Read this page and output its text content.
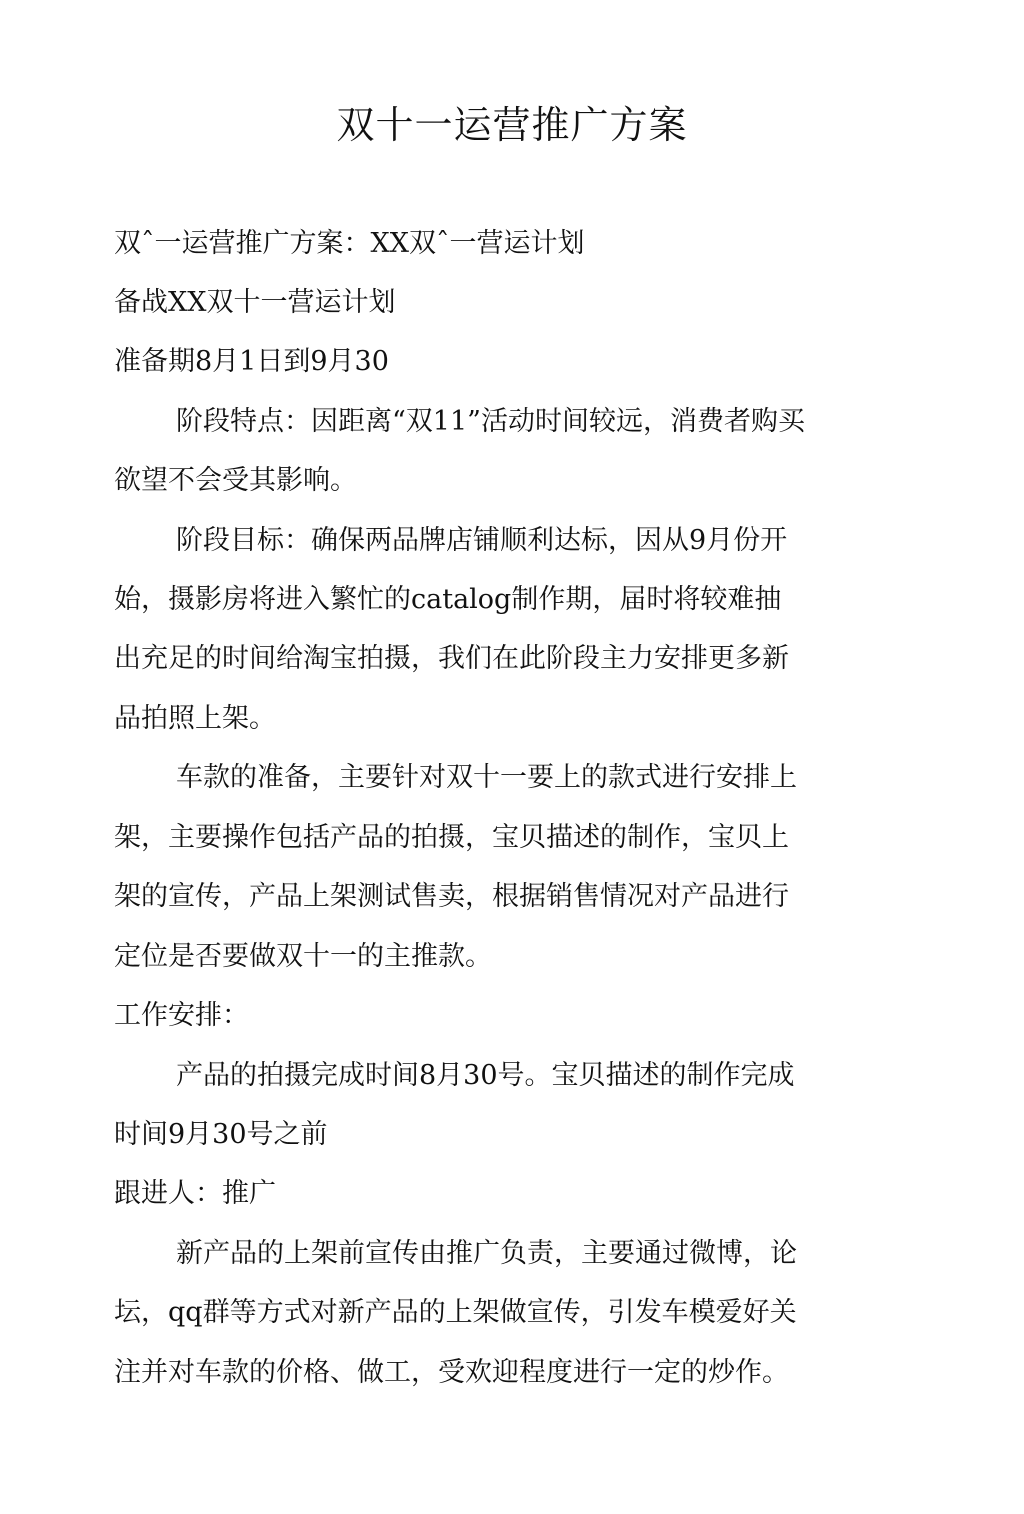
双十一运营推广方案

双ˆ一运营推广方案：XX双ˆ一营运计划

备战XX双十一营运计划

准备期8月1日到9月30

阶段特点：因距离“双11”活动时间较远，消费者购买

欲望不会受其影响。

阶段目标：确保两品牌店铺顺利达标，因从9月份开

始，摄影房将进入繁忙的catalog制作期，届时将较难抽

出充足的时间给淘宝拍摄，我们在此阶段主力安排更多新

品拍照上架。

车款的准备，主要针对双十一要上的款式进行安排上

架，主要操作包括产品的拍摄，宝贝描述的制作，宝贝上

架的宣传，产品上架测试售卖，根据销售情况对产品进行

定位是否要做双十一的主推款。

工作安排：

产品的拍摄完成时间8月30号。宝贝描述的制作完成

时间9月30号之前

跟进人：推广

新产品的上架前宣传由推广负责，主要通过微博，论

坛，qq群等方式对新产品的上架做宣传，引发车模爱好关

注并对车款的价格、做工，受欢迎程度进行一定的炒作。
